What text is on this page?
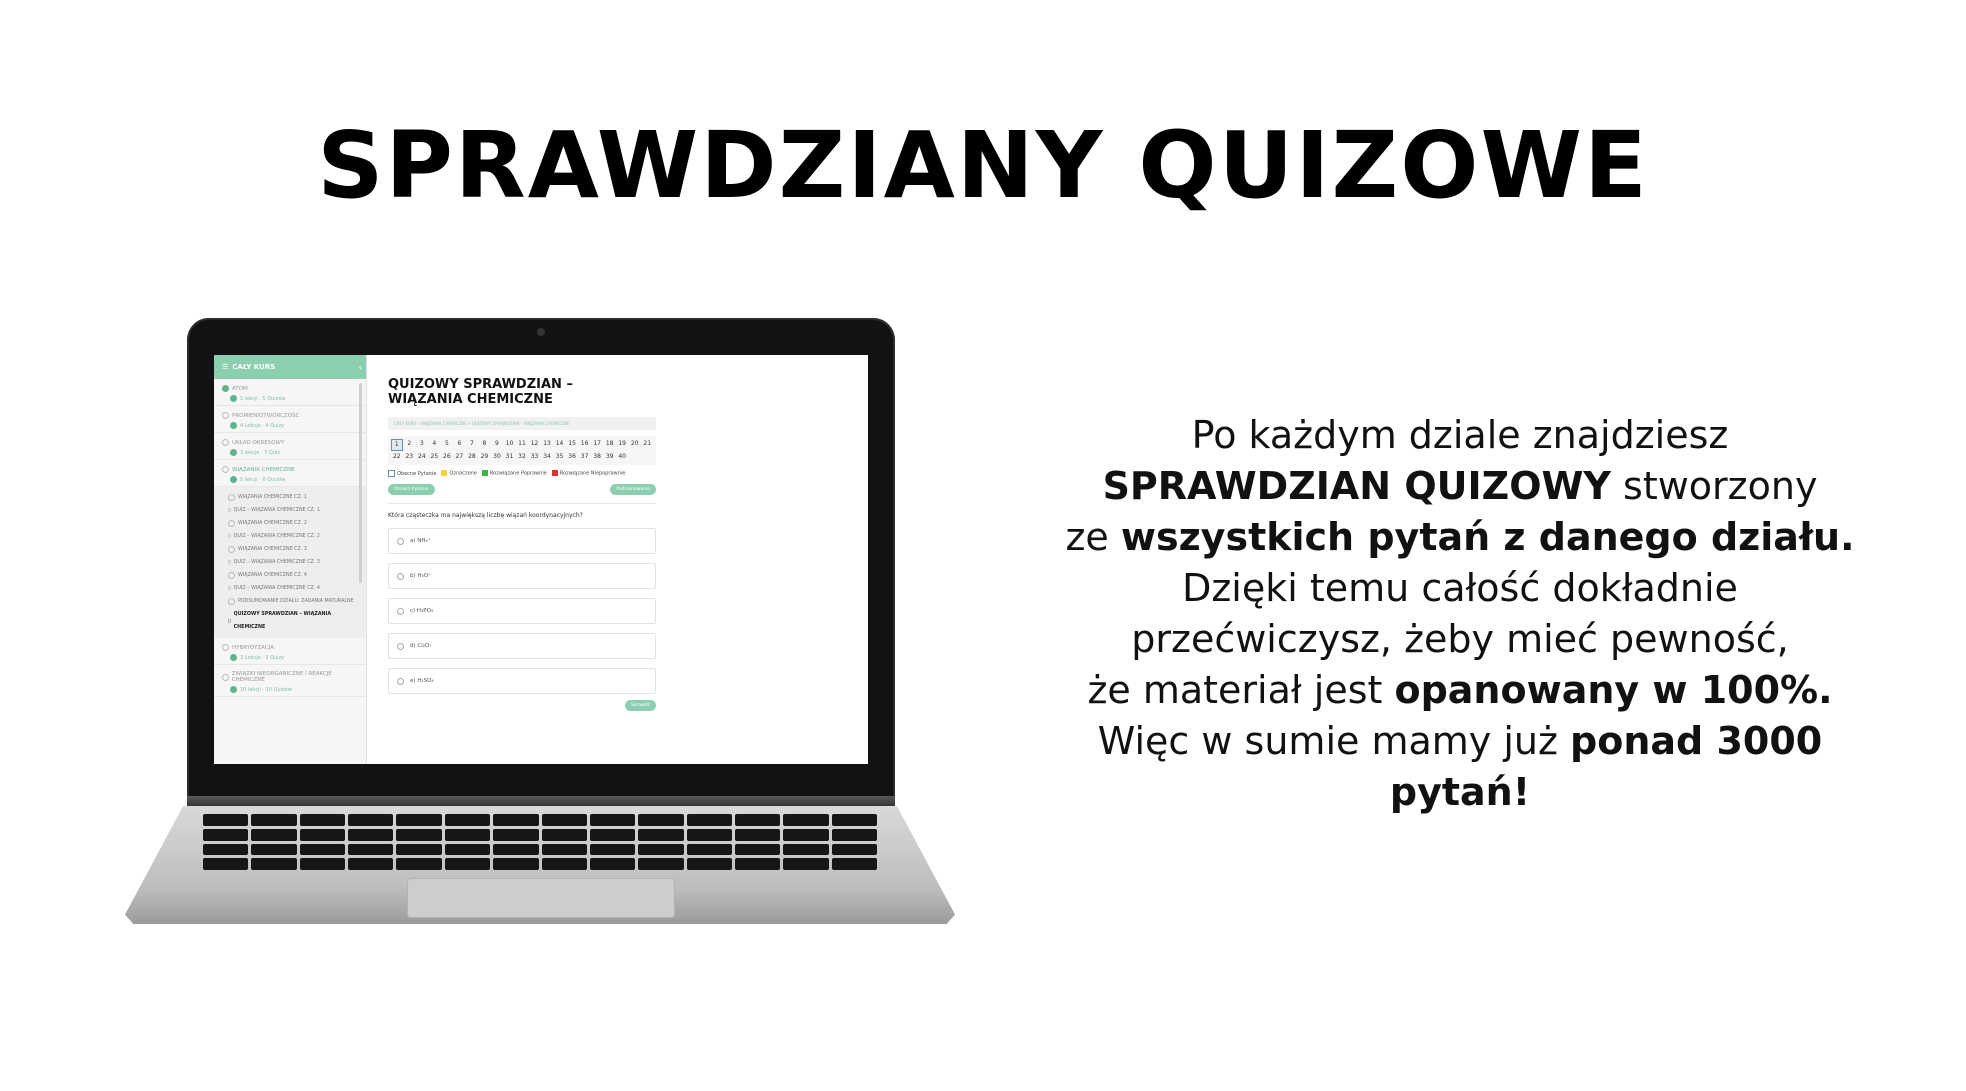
SPRAWDZIANY QUIZOWE
☰ CAŁY KURS	‹
ATOM
5 lekcji · 5 Quizów
PROMIENIOTWÓRCZOŚĆ
4 Lekcje · 4 Quizy
UKŁAD OKRESOWY
3 lekcje · 7 Quiz
WIĄZANIA CHEMICZNE
5 lekcji · 6 Quizów
WIĄZANIA CHEMICZNE CZ. 1
▯ QUIZ – WIĄZANIA CHEMICZNE CZ. 1
WIĄZANIA CHEMICZNE CZ. 2
▯ QUIZ – WIĄZANIA CHEMICZNE CZ. 2
WIĄZANIA CHEMICZNE CZ. 3
▯ QUIZ – WIĄZANIA CHEMICZNE CZ. 3
WIĄZANIA CHEMICZNE CZ. 4
▯ QUIZ – WIĄZANIA CHEMICZNE CZ. 4
PODSUMOWANIE DZIAŁU: ZADANIA MATURALNE
▯
QUIZOWY SPRAWDZIAN – WIĄZANIA CHEMICZNE
HYBRYDYZACJA
3 Lekcje · 3 Quizy
ZWIĄZKI NIEORGANICZNE I REAKCJE CHEMICZNE
10 lekcji · 10 Quizów
QUIZOWY SPRAWDZIAN –
WIĄZANIA CHEMICZNE
CAŁY KURS » WIĄZANIA CHEMICZNE » QUIZOWY SPRAWDZIAN – WIĄZANIA CHEMICZNE
1	2	3	4	5	6	7	8	9	10 11 12 13 14 15 16 17 18 19 20 21
22 23 24 25 26 27 28 29 30 31 32 33 34 35 36 37 38 39 40
Obecne Pytanie	Oznaczone	Rozwiązane Poprawnie	Rozwiązane Niepoprawnie
Oznacz Pytanie	Podsumowanie
Która cząsteczka ma największą liczbę wiązań koordynacyjnych?
a) NH₄⁺
b) H₃O⁺
c) H₃PO₄
d) Cl₂O₇
e) H₂SO₄
Sprawdź

Po każdym dziale znajdziesz
SPRAWDZIAN QUIZOWY stworzony
ze wszystkich pytań z danego działu.
Dzięki temu całość dokładnie
przećwiczysz, żeby mieć pewność,
że materiał jest opanowany w 100%.
Więc w sumie mamy już ponad 3000
pytań!
